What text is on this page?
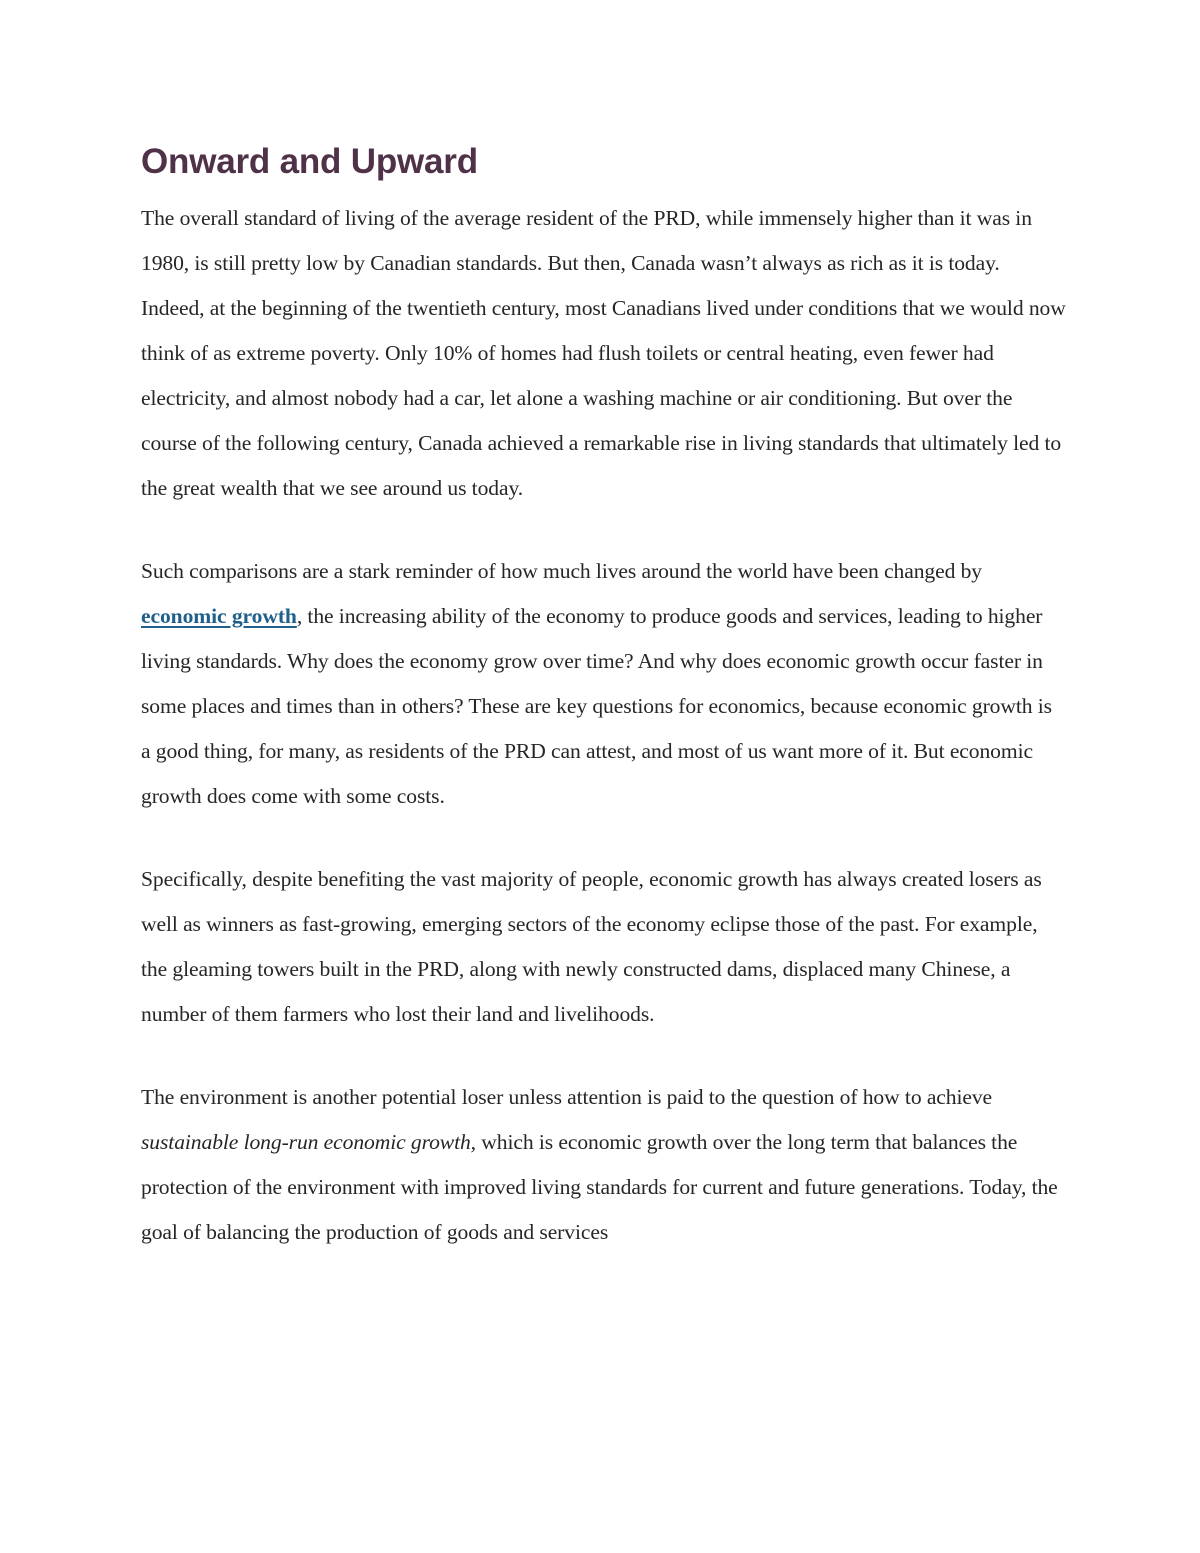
Onward and Upward

The overall standard of living of the average resident of the PRD, while immensely higher than it was in 1980, is still pretty low by Canadian standards. But then, Canada wasn’t always as rich as it is today. Indeed, at the beginning of the twentieth century, most Canadians lived under conditions that we would now think of as extreme poverty. Only 10% of homes had flush toilets or central heating, even fewer had electricity, and almost nobody had a car, let alone a washing machine or air conditioning. But over the course of the following century, Canada achieved a remarkable rise in living standards that ultimately led to the great wealth that we see around us today.

Such comparisons are a stark reminder of how much lives around the world have been changed by economic growth, the increasing ability of the economy to produce goods and services, leading to higher living standards. Why does the economy grow over time? And why does economic growth occur faster in some places and times than in others? These are key questions for economics, because economic growth is a good thing, for many, as residents of the PRD can attest, and most of us want more of it. But economic growth does come with some costs.

Specifically, despite benefiting the vast majority of people, economic growth has always created losers as well as winners as fast-growing, emerging sectors of the economy eclipse those of the past. For example, the gleaming towers built in the PRD, along with newly constructed dams, displaced many Chinese, a number of them farmers who lost their land and livelihoods.

The environment is another potential loser unless attention is paid to the question of how to achieve sustainable long-run economic growth, which is economic growth over the long term that balances the protection of the environment with improved living standards for current and future generations. Today, the goal of balancing the production of goods and services
